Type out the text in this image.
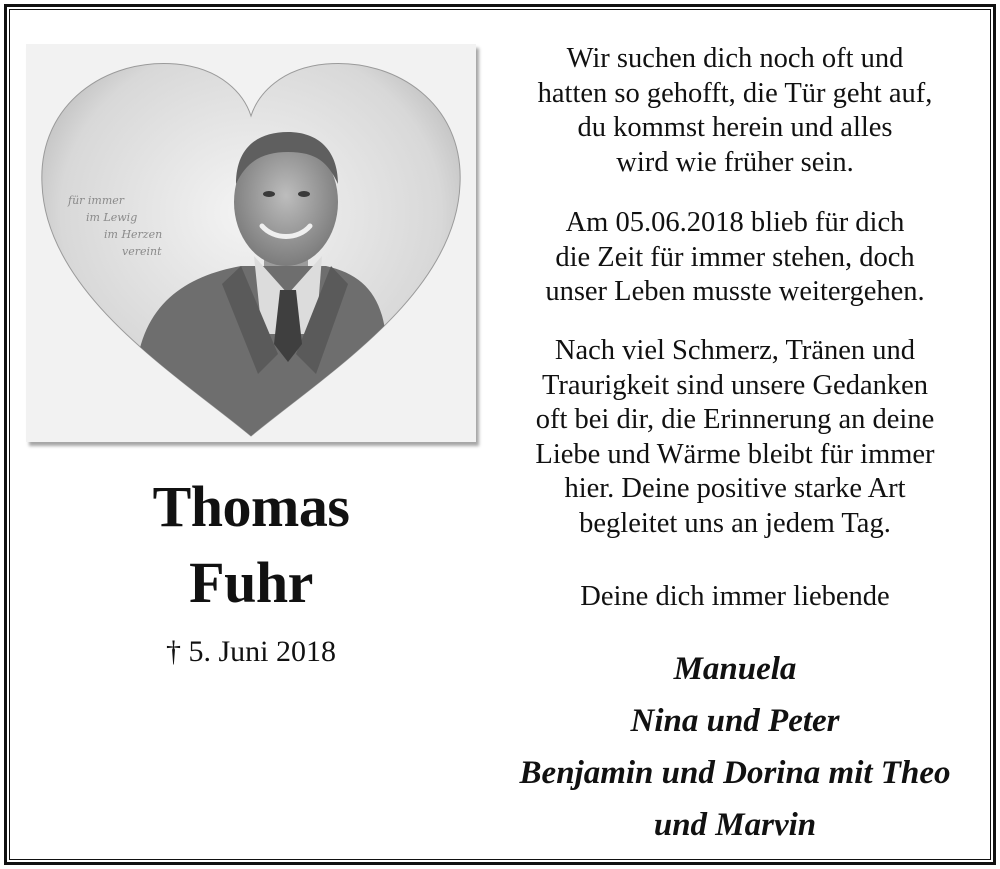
für immer
im Lewig
im Herzen
vereint
Thomas
Fuhr
† 5. Juni 2018
Wir suchen dich noch oft und
hatten so gehofft, die Tür geht auf,
du kommst herein und alles
wird wie früher sein.
Am 05.06.2018 blieb für dich
die Zeit für immer stehen, doch
unser Leben musste weitergehen.
Nach viel Schmerz, Tränen und
Traurigkeit sind unsere Gedanken
oft bei dir, die Erinnerung an deine
Liebe und Wärme bleibt für immer
hier. Deine positive starke Art
begleitet uns an jedem Tag.
Deine dich immer liebende
Manuela
Nina und Peter
Benjamin und Dorina mit Theo
und Marvin
